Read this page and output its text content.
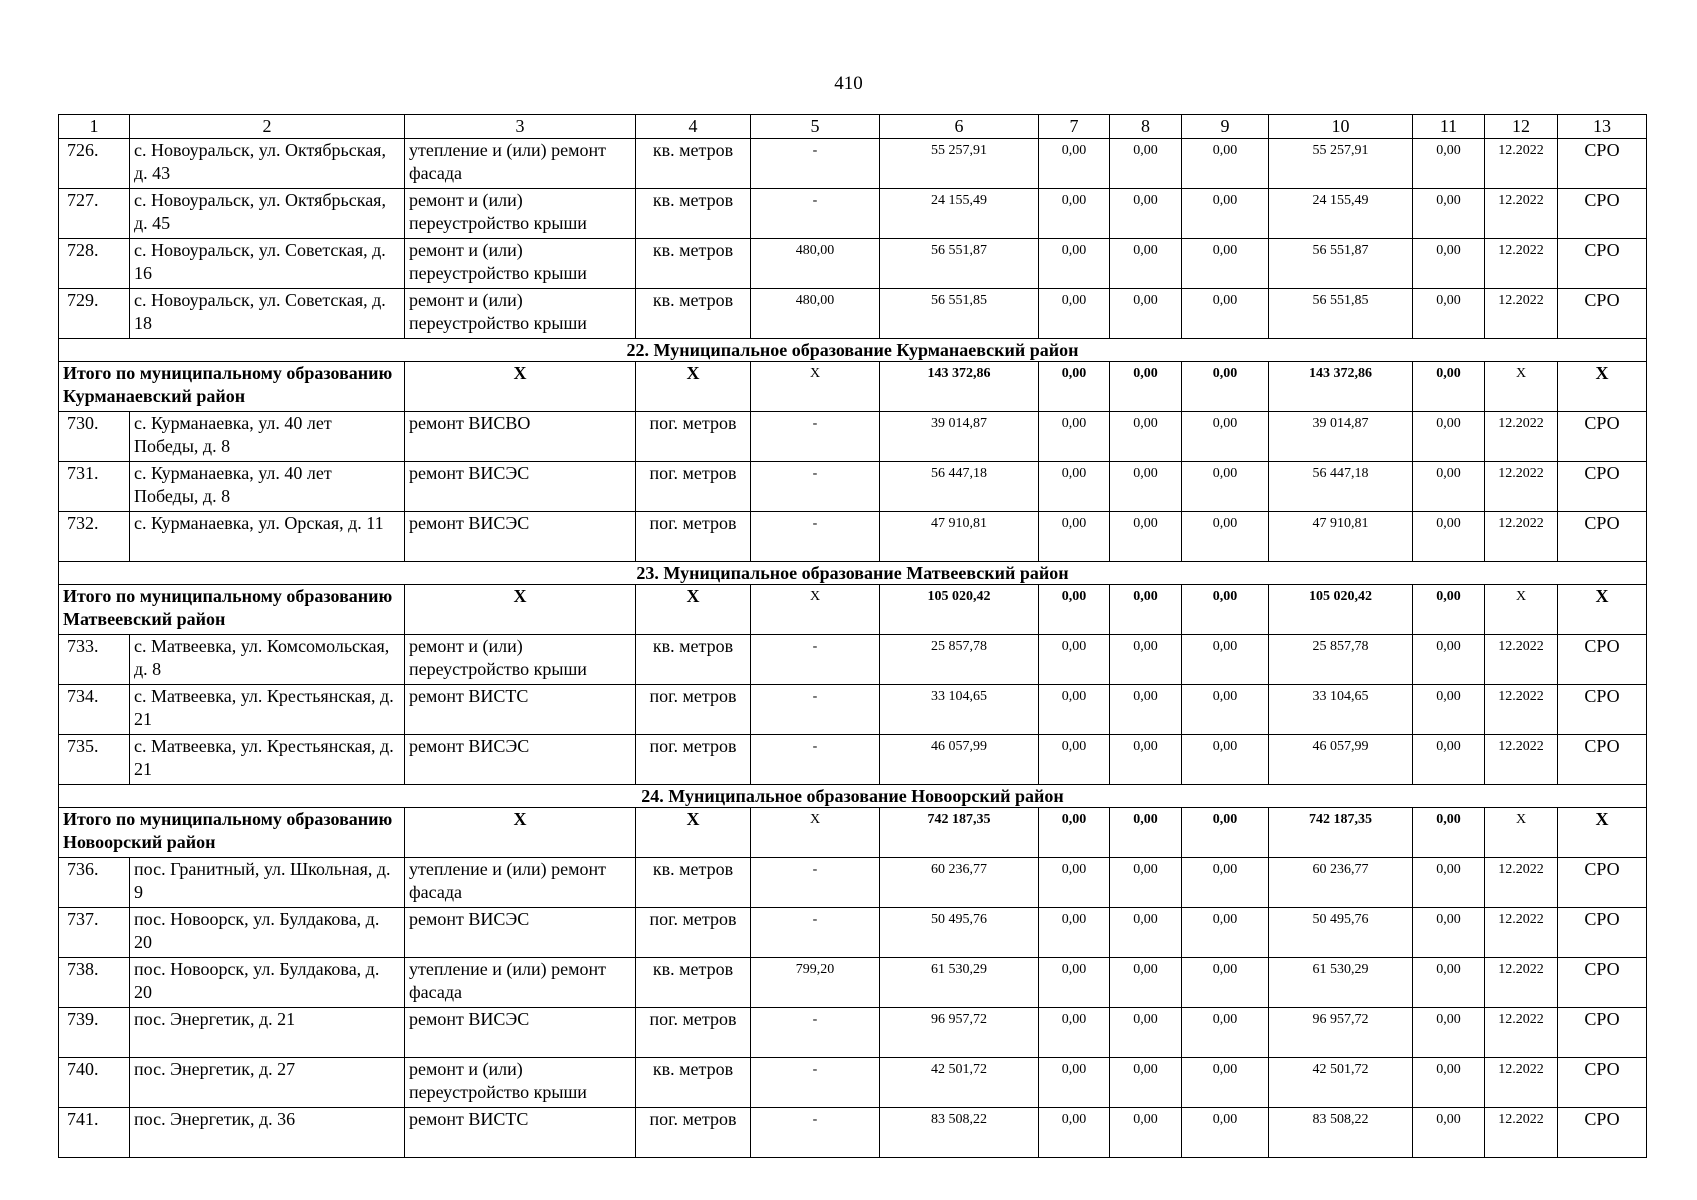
410
1	2	3	4	5	6	7	8	9	10	11	12	13
726.	с. Новоуральск, ул. Октябрьская, д. 43	утепление и (или) ремонт фасада	кв. метров	-	55 257,91	0,00	0,00	0,00	55 257,91	0,00	12.2022	СРО
727.	с. Новоуральск, ул. Октябрьская, д. 45	ремонт и (или) переустройство крыши	кв. метров	-	24 155,49	0,00	0,00	0,00	24 155,49	0,00	12.2022	СРО
728.	с. Новоуральск, ул. Советская, д. 16	ремонт и (или) переустройство крыши	кв. метров	480,00	56 551,87	0,00	0,00	0,00	56 551,87	0,00	12.2022	СРО
729.	с. Новоуральск, ул. Советская, д. 18	ремонт и (или) переустройство крыши	кв. метров	480,00	56 551,85	0,00	0,00	0,00	56 551,85	0,00	12.2022	СРО
22. Муниципальное образование Курманаевский район												
Итого по муниципальному образованию Курманаевский район		X	X	X	143 372,86	0,00	0,00	0,00	143 372,86	0,00	X	X
730.	с. Курманаевка, ул. 40 лет Победы, д. 8	ремонт ВИСВО	пог. метров	-	39 014,87	0,00	0,00	0,00	39 014,87	0,00	12.2022	СРО
731.	с. Курманаевка, ул. 40 лет Победы, д. 8	ремонт ВИСЭС	пог. метров	-	56 447,18	0,00	0,00	0,00	56 447,18	0,00	12.2022	СРО
732.	с. Курманаевка, ул. Орская, д. 11	ремонт ВИСЭС	пог. метров	-	47 910,81	0,00	0,00	0,00	47 910,81	0,00	12.2022	СРО
23. Муниципальное образование Матвеевский район												
Итого по муниципальному образованию Матвеевский район		X	X	X	105 020,42	0,00	0,00	0,00	105 020,42	0,00	X	X
733.	с. Матвеевка, ул. Комсомольская, д. 8	ремонт и (или) переустройство крыши	кв. метров	-	25 857,78	0,00	0,00	0,00	25 857,78	0,00	12.2022	СРО
734.	с. Матвеевка, ул. Крестьянская, д. 21	ремонт ВИСТС	пог. метров	-	33 104,65	0,00	0,00	0,00	33 104,65	0,00	12.2022	СРО
735.	с. Матвеевка, ул. Крестьянская, д. 21	ремонт ВИСЭС	пог. метров	-	46 057,99	0,00	0,00	0,00	46 057,99	0,00	12.2022	СРО
24. Муниципальное образование Новоорский район												
Итого по муниципальному образованию Новоорский район		X	X	X	742 187,35	0,00	0,00	0,00	742 187,35	0,00	X	X
736.	пос. Гранитный, ул. Школьная, д. 9	утепление и (или) ремонт фасада	кв. метров	-	60 236,77	0,00	0,00	0,00	60 236,77	0,00	12.2022	СРО
737.	пос. Новоорск, ул. Булдакова, д. 20	ремонт ВИСЭС	пог. метров	-	50 495,76	0,00	0,00	0,00	50 495,76	0,00	12.2022	СРО
738.	пос. Новоорск, ул. Булдакова, д. 20	утепление и (или) ремонт фасада	кв. метров	799,20	61 530,29	0,00	0,00	0,00	61 530,29	0,00	12.2022	СРО
739.	пос. Энергетик, д. 21	ремонт ВИСЭС	пог. метров	-	96 957,72	0,00	0,00	0,00	96 957,72	0,00	12.2022	СРО
740.	пос. Энергетик, д. 27	ремонт и (или) переустройство крыши	кв. метров	-	42 501,72	0,00	0,00	0,00	42 501,72	0,00	12.2022	СРО
741.	пос. Энергетик, д. 36	ремонт ВИСТС	пог. метров	-	83 508,22	0,00	0,00	0,00	83 508,22	0,00	12.2022	СРО
